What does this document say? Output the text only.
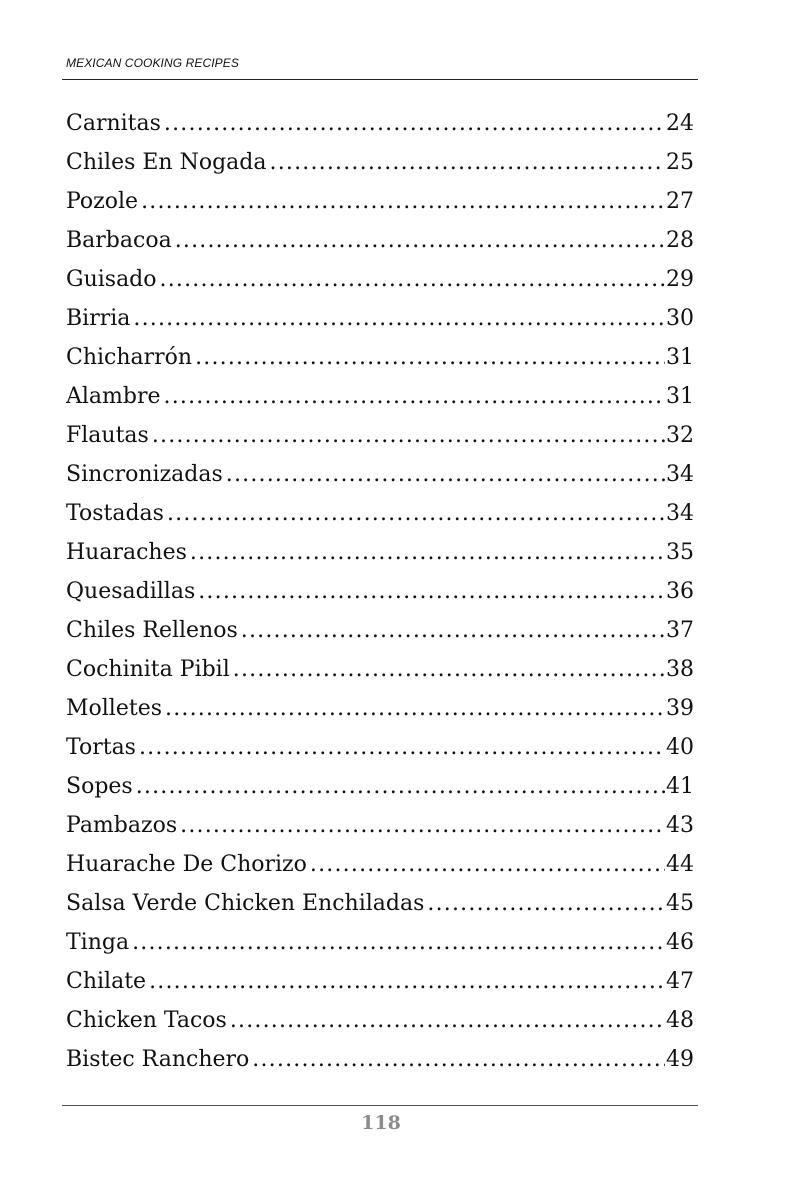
MEXICAN COOKING RECIPES
Carnitas .....	24
Chiles En Nogada .....	25
Pozole .....	27
Barbacoa .....	28
Guisado .....	29
Birria .....	30
Chicharrón .....	31
Alambre .....	31
Flautas .....	32
Sincronizadas .....	34
Tostadas .....	34
Huaraches .....	35
Quesadillas .....	36
Chiles Rellenos .....	37
Cochinita Pibil .....	38
Molletes .....	39
Tortas .....	40
Sopes .....	41
Pambazos .....	43
Huarache De Chorizo .....	44
Salsa Verde Chicken Enchiladas .....	45
Tinga .....	46
Chilate .....	47
Chicken Tacos .....	48
Bistec Ranchero .....	49
118
